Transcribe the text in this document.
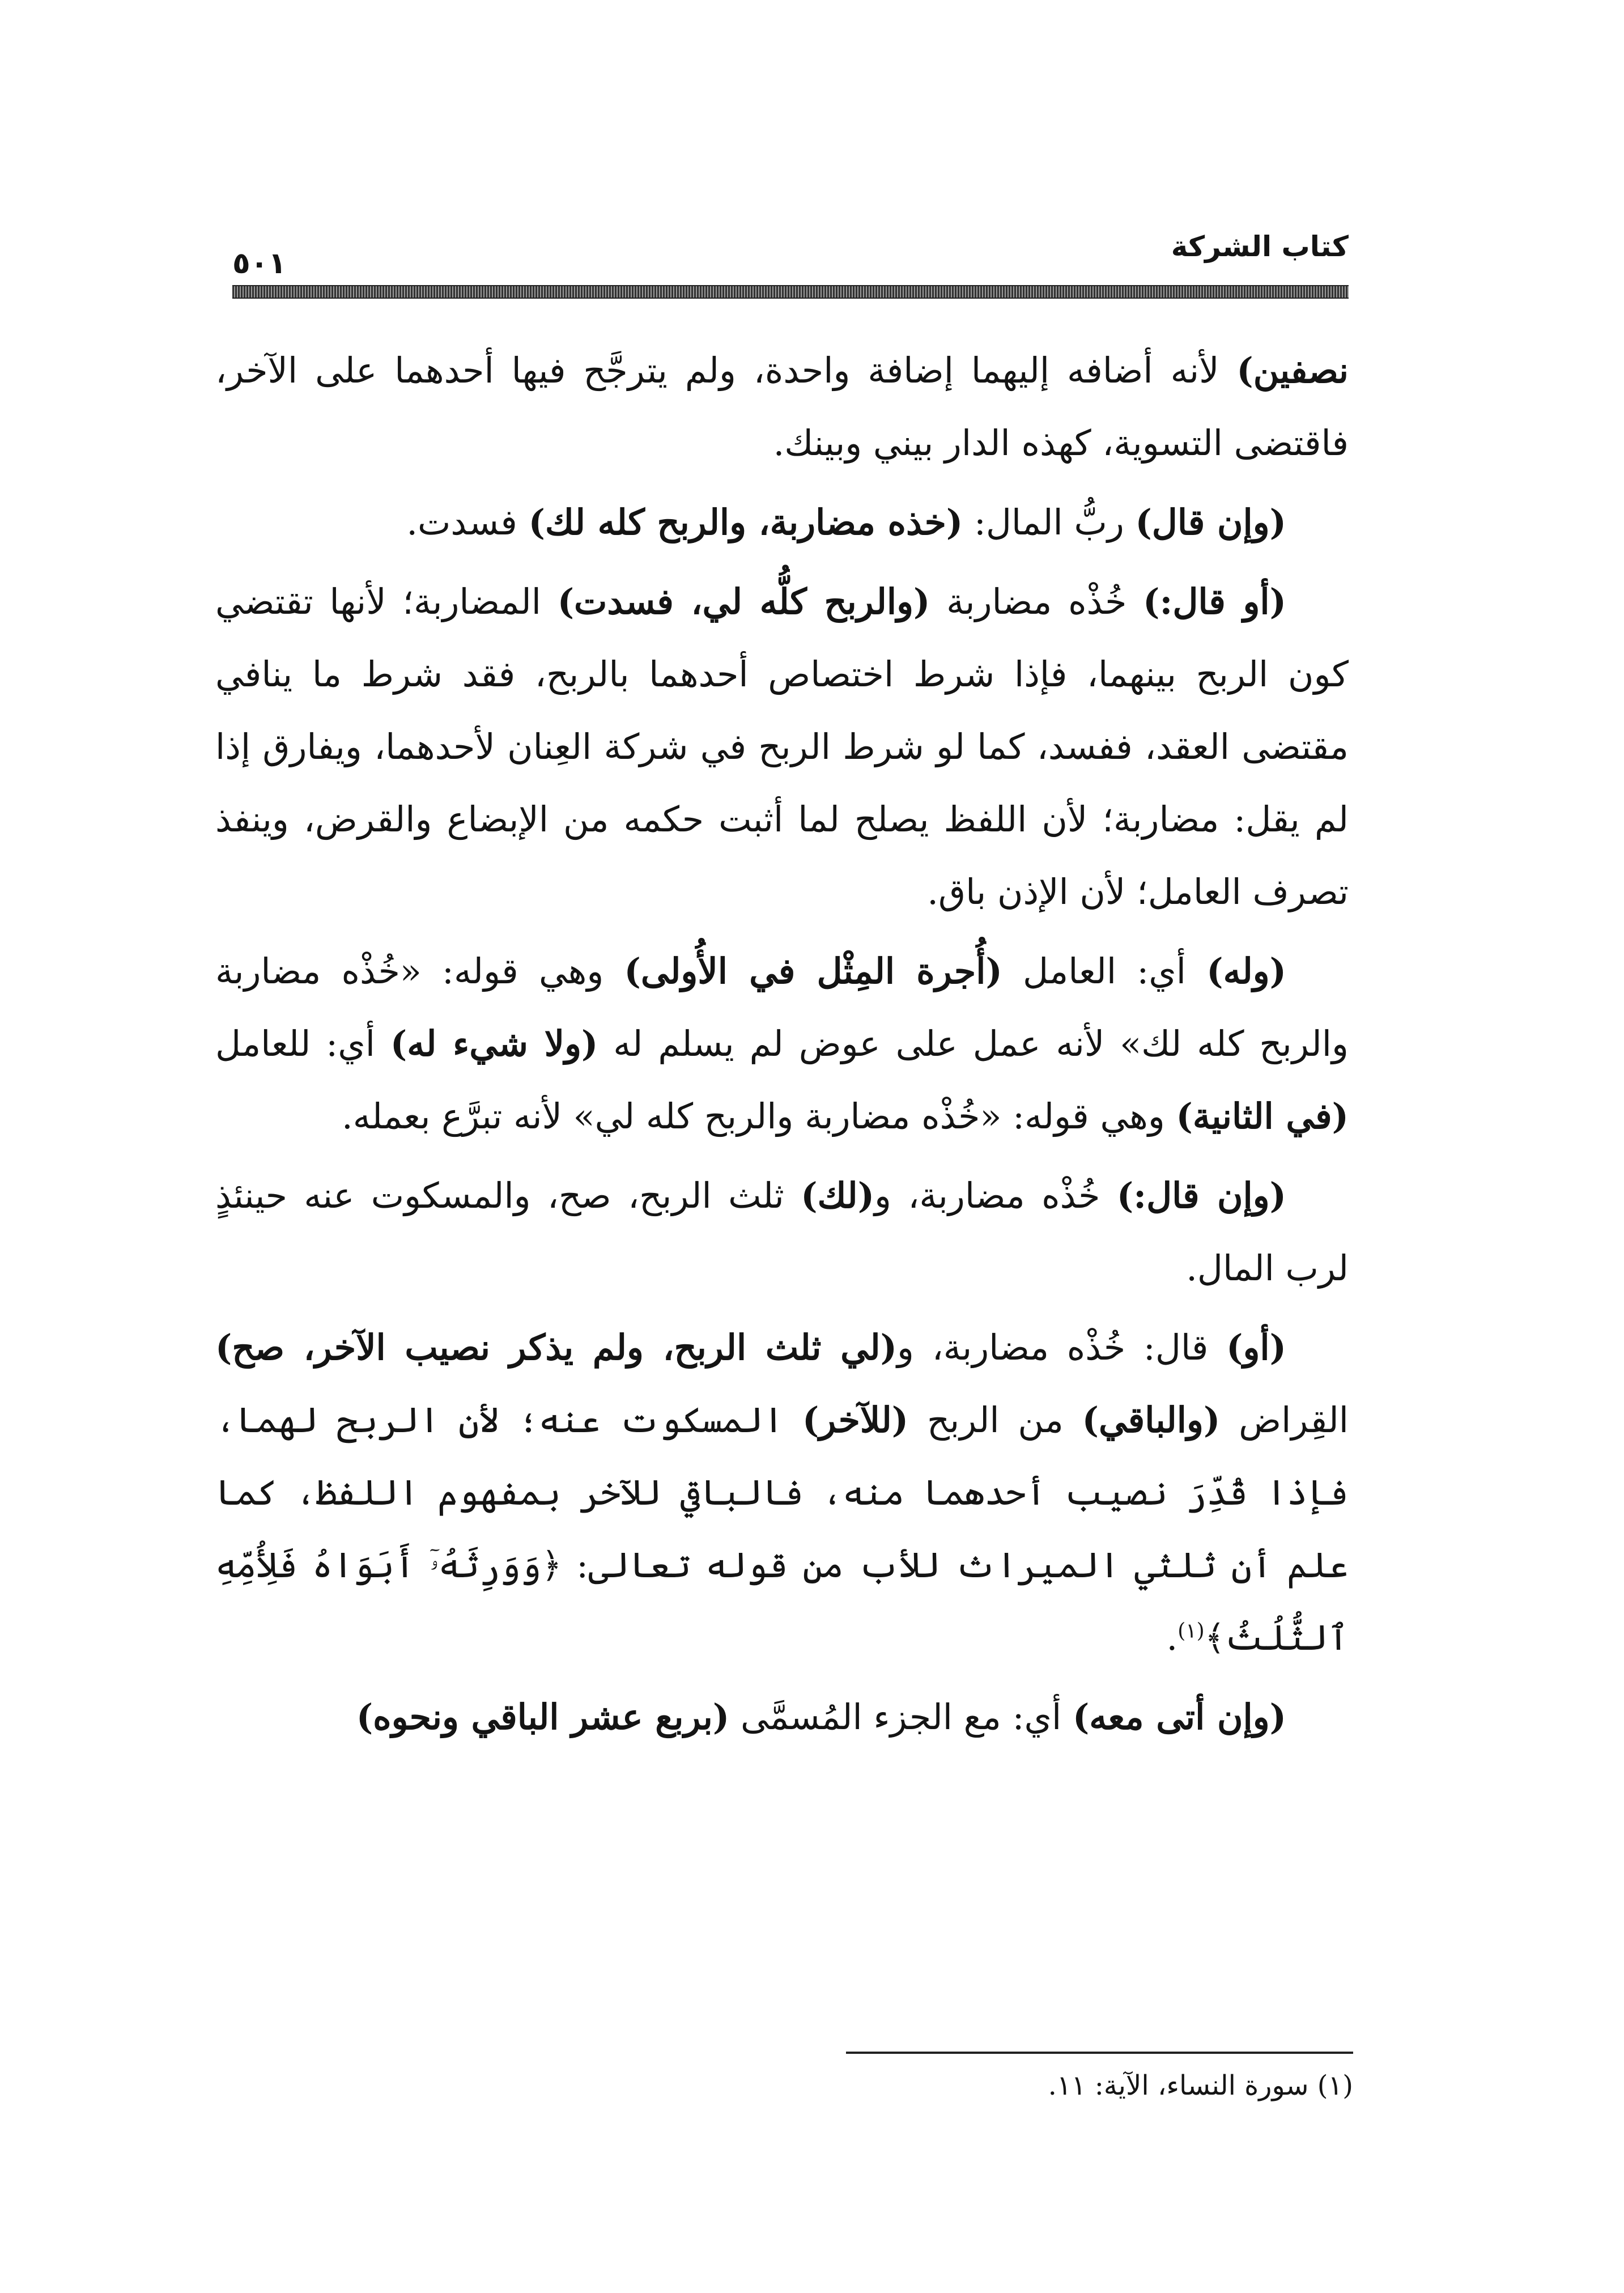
كتاب الشركة
٥٠١

نصفين) لأنه أضافه إليهما إضافة واحدة، ولم يترجَّح فيها أحدهما على الآخر، فاقتضى التسوية، كهذه الدار بيني وبينك.

(وإن قال) ربُّ المال: (خذه مضاربة، والربح كله لك) فسدت.

(أو قال:) خُذْه مضاربة (والربح كلُّه لي، فسدت) المضاربة؛ لأنها تقتضي كون الربح بينهما، فإذا شرط اختصاص أحدهما بالربح، فقد شرط ما ينافي مقتضى العقد، ففسد، كما لو شرط الربح في شركة العِنان لأحدهما، ويفارق إذا لم يقل: مضاربة؛ لأن اللفظ يصلح لما أثبت حكمه من الإبضاع والقرض، وينفذ تصرف العامل؛ لأن الإذن باق.

(وله) أي: العامل (أُجرة المِثْل في الأُولى) وهي قوله: «خُذْه مضاربة والربح كله لك» لأنه عمل على عوض لم يسلم له (ولا شيء له) أي: للعامل (في الثانية) وهي قوله: «خُذْه مضاربة والربح كله لي» لأنه تبرَّع بعمله.

(وإن قال:) خُذْه مضاربة، و(لك) ثلث الربح، صح، والمسكوت عنه حينئذٍ لرب المال.

(أو) قال: خُذْه مضاربة، و(لي ثلث الربح، ولم يذكر نصيب الآخر، صح) القِراض (والباقي) من الربح (للآخر) المسكوت عنه؛ لأن الربح لهما، فإذا قُدِّرَ نصيب أحدهما منه، فالباقي للآخر بمفهوم اللفظ، كما علم أن ثلثي الميراث للأب من قوله تعالى: ﴿وَوَرِثَهُۥٓ أَبَوَاهُ فَلِأُمِّهِ ٱلثُّلُثُ﴾$^{(١)}$.

(وإن أتى معه) أي: مع الجزء المُسمَّى (بربع عشر الباقي ونحوه)

(١) سورة النساء، الآية: ١١.
